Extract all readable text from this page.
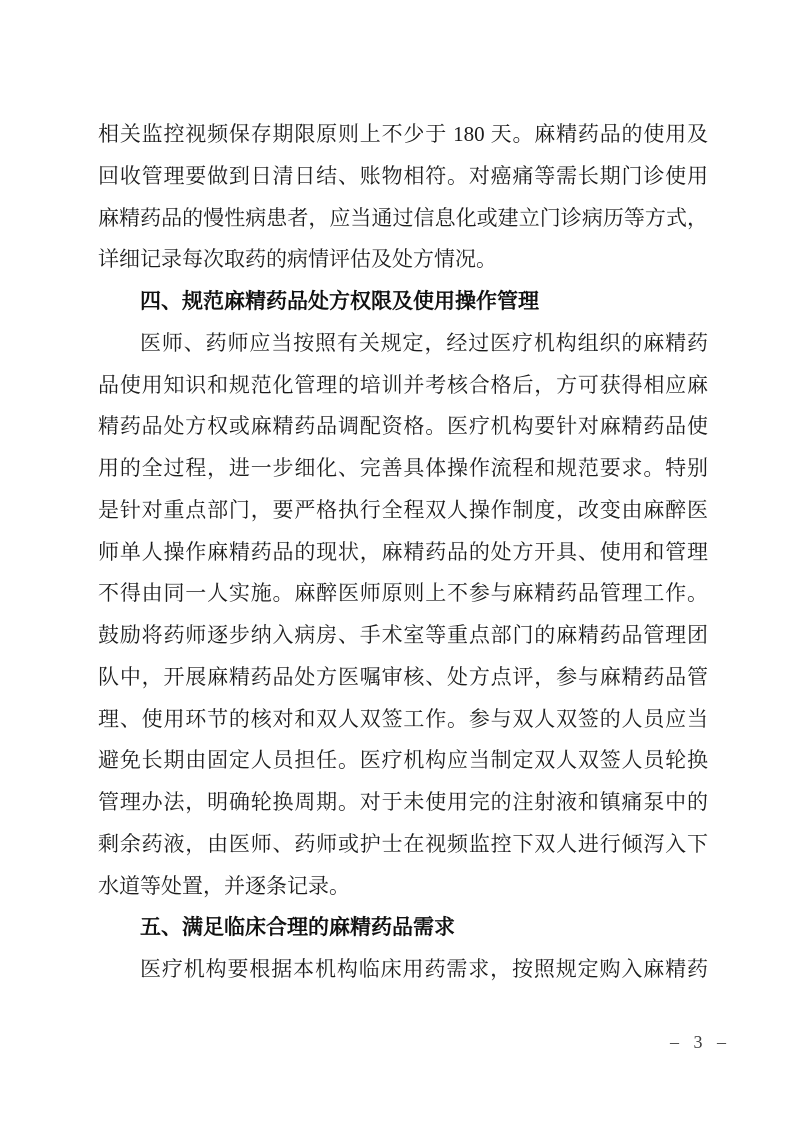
相关监控视频保存期限原则上不少于 180 天。麻精药品的使用及
回收管理要做到日清日结、账物相符。对癌痛等需长期门诊使用
麻精药品的慢性病患者，应当通过信息化或建立门诊病历等方式，
详细记录每次取药的病情评估及处方情况。
四、规范麻精药品处方权限及使用操作管理
医师、药师应当按照有关规定，经过医疗机构组织的麻精药
品使用知识和规范化管理的培训并考核合格后，方可获得相应麻
精药品处方权或麻精药品调配资格。医疗机构要针对麻精药品使
用的全过程，进一步细化、完善具体操作流程和规范要求。特别
是针对重点部门，要严格执行全程双人操作制度，改变由麻醉医
师单人操作麻精药品的现状，麻精药品的处方开具、使用和管理
不得由同一人实施。麻醉医师原则上不参与麻精药品管理工作。
鼓励将药师逐步纳入病房、手术室等重点部门的麻精药品管理团
队中，开展麻精药品处方医嘱审核、处方点评，参与麻精药品管
理、使用环节的核对和双人双签工作。参与双人双签的人员应当
避免长期由固定人员担任。医疗机构应当制定双人双签人员轮换
管理办法，明确轮换周期。对于未使用完的注射液和镇痛泵中的
剩余药液，由医师、药师或护士在视频监控下双人进行倾泻入下
水道等处置，并逐条记录。
五、满足临床合理的麻精药品需求
医疗机构要根据本机构临床用药需求，按照规定购入麻精药
– 3 –
